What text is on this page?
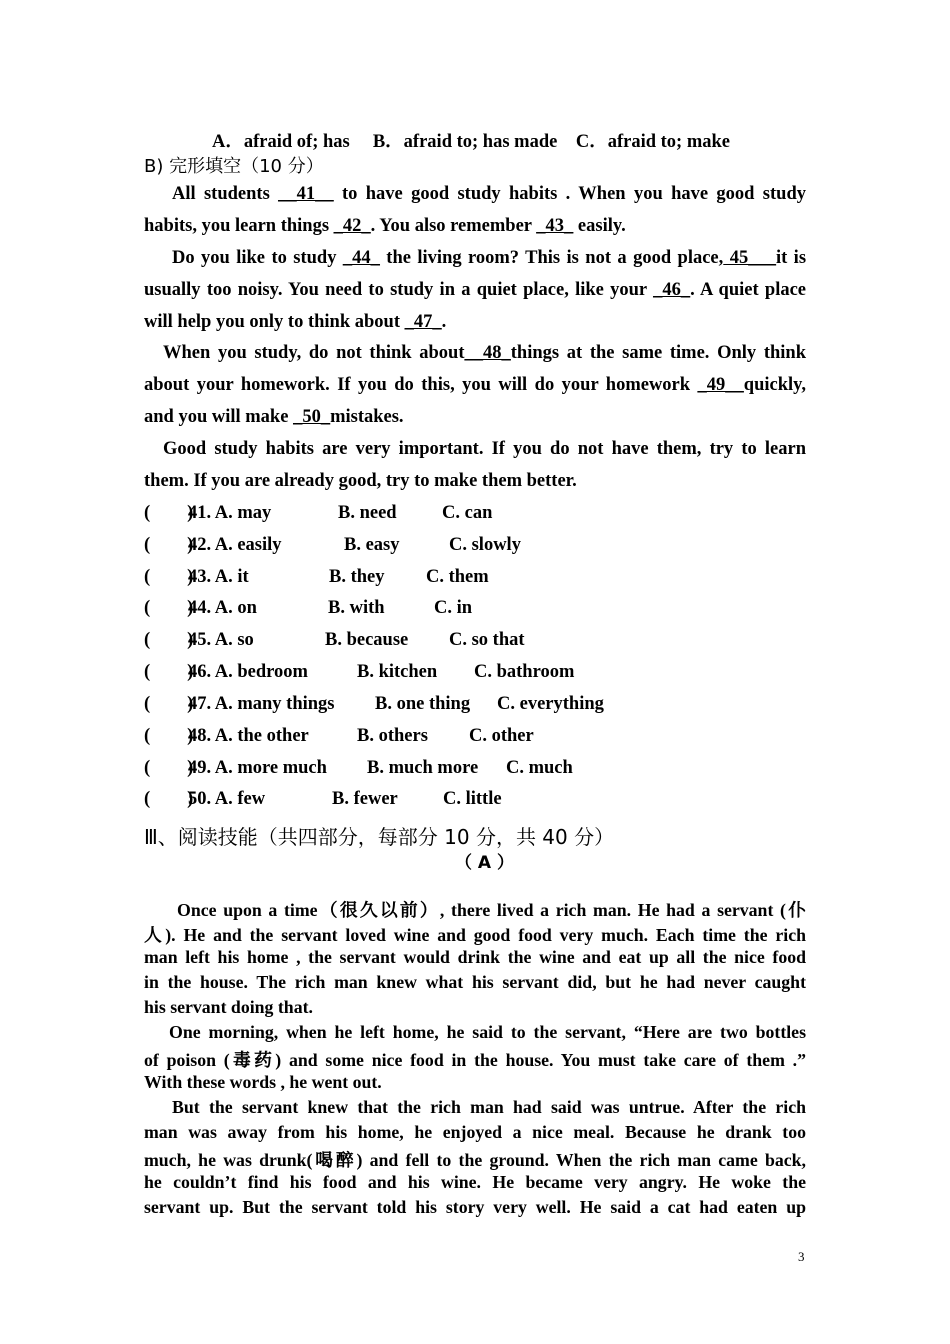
A．afraid of; has     B．afraid to; has made    C．afraid to; make
B) 完形填空（10 分）
All students __41__ to have good study habits . When you have good study
habits, you learn things _42_. You also remember _43_ easily.
Do you like to study _44_ the living room? This is not a good place, 45___it is
usually too noisy. You need to study in a quiet place, like your _46_. A quiet place
will help you only to think about _47_.
When you study, do not think about__48_things at the same time. Only think
about your homework. If you do this, you will do your homework _49__quickly,
and you will make _50_mistakes.
Good study habits are very important. If you do not have them, try to learn
them. If you are already good, try to make them better.
(        )
41. A. may	B. need C. can
(        )
42. A. easily	B. easy	C. slowly
(        )
43. A. it	B. they C. them
(        )
44. A. on	B. with	C. in
(        )
45. A. so	B. because C. so that
(        )
46. A. bedroom	B. kitchen C. bathroom
(        )
47. A. many things B. one thing C. everything
(        )
48. A. the other	B. others C. other
(        )
49. A. more much B. much more C. much
(        )
50. A. few	B. fewer C. little
Ⅲ、阅读技能（共四部分，每部分 10 分，共 40 分）
（ A ）
Once upon a time（很久以前）, there lived a rich man. He had a servant (仆
人). He and the servant loved wine and good food very much. Each time the rich
man left his home , the servant would drink the wine and eat up all the nice food
in the house. The rich man knew what his servant did, but he had never caught
his servant doing that.
One morning, when he left home, he said to the servant, “Here are two bottles
of poison (毒药) and some nice food in the house. You must take care of them .”
With these words , he went out.
But the servant knew that the rich man had said was untrue. After the rich
man was away from his home, he enjoyed a nice meal. Because he drank too
much, he was drunk(喝醉) and fell to the ground. When the rich man came back,
he couldn’t find his food and his wine. He became very angry. He woke the
servant up. But the servant told his story very well. He said a cat had eaten up
3
